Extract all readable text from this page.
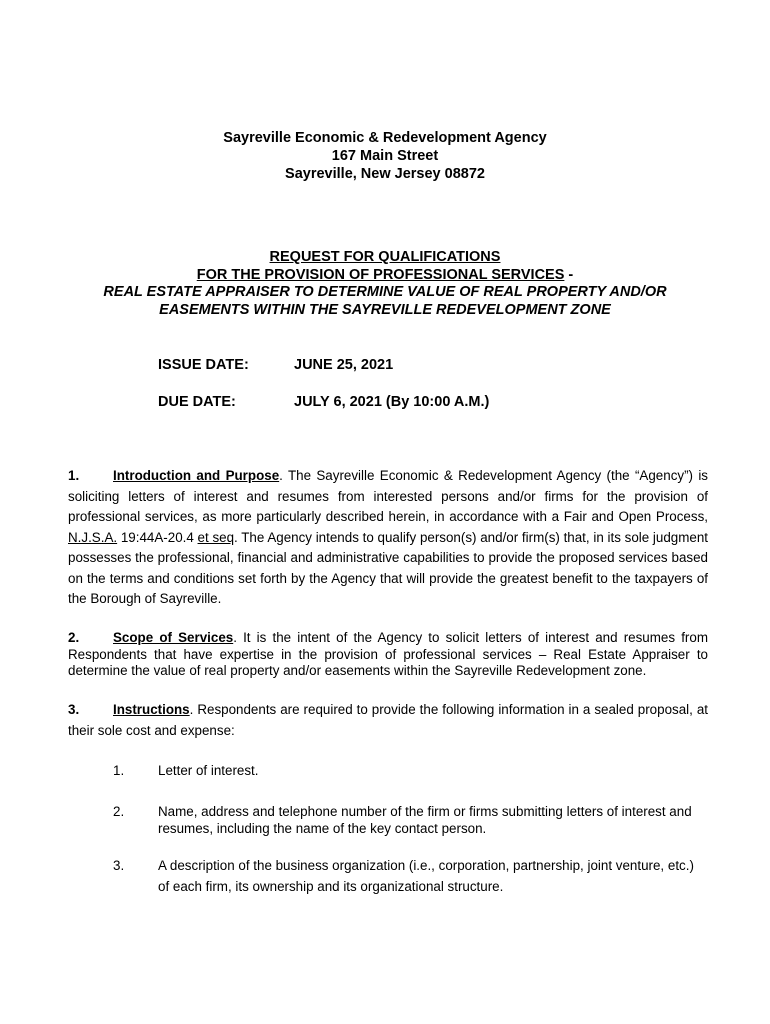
Sayreville Economic & Redevelopment Agency
167 Main Street
Sayreville, New Jersey 08872
REQUEST FOR QUALIFICATIONS
FOR THE PROVISION OF PROFESSIONAL SERVICES -
REAL ESTATE APPRAISER TO DETERMINE VALUE OF REAL PROPERTY AND/OR
EASEMENTS WITHIN THE SAYREVILLE REDEVELOPMENT ZONE
ISSUE DATE:	JUNE 25, 2021
DUE DATE:	JULY 6, 2021 (By 10:00 A.M.)
1.	Introduction and Purpose. The Sayreville Economic & Redevelopment Agency (the “Agency”) is soliciting letters of interest and resumes from interested persons and/or firms for the provision of professional services, as more particularly described herein, in accordance with a Fair and Open Process, N.J.S.A. 19:44A-20.4 et seq. The Agency intends to qualify person(s) and/or firm(s) that, in its sole judgment possesses the professional, financial and administrative capabilities to provide the proposed services based on the terms and conditions set forth by the Agency that will provide the greatest benefit to the taxpayers of the Borough of Sayreville.
2.	Scope of Services. It is the intent of the Agency to solicit letters of interest and resumes from Respondents that have expertise in the provision of professional services – Real Estate Appraiser to determine the value of real property and/or easements within the Sayreville Redevelopment zone.
3.	Instructions. Respondents are required to provide the following information in a sealed proposal, at their sole cost and expense:
1.	Letter of interest.
2.	Name, address and telephone number of the firm or firms submitting letters of interest and resumes, including the name of the key contact person.
3.	A description of the business organization (i.e., corporation, partnership, joint venture, etc.) of each firm, its ownership and its organizational structure.
